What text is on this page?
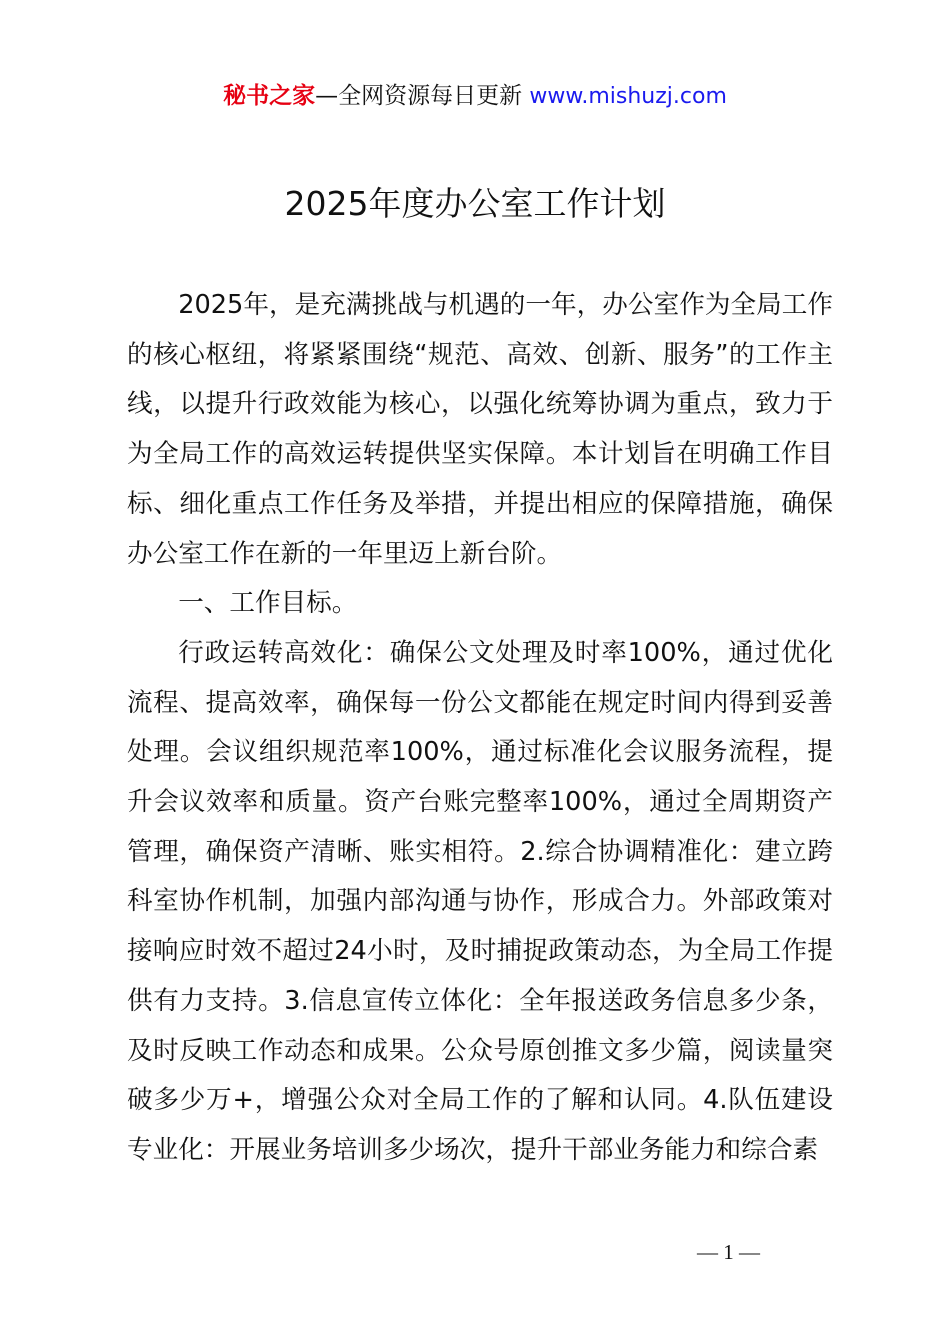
秘书之家—全网资源每日更新 www.mishuzj.com
2025年度办公室工作计划

2025年，是充满挑战与机遇的一年，办公室作为全局工作的核心枢纽，将紧紧围绕“规范、高效、创新、服务”的工作主线，以提升行政效能为核心，以强化统筹协调为重点，致力于为全局工作的高效运转提供坚实保障。本计划旨在明确工作目标、细化重点工作任务及举措，并提出相应的保障措施，确保办公室工作在新的一年里迈上新台阶。

一、工作目标。

行政运转高效化：确保公文处理及时率100%，通过优化流程、提高效率，确保每一份公文都能在规定时间内得到妥善处理。会议组织规范率100%，通过标准化会议服务流程，提升会议效率和质量。资产台账完整率100%，通过全周期资产管理，确保资产清晰、账实相符。2.综合协调精准化：建立跨科室协作机制，加强内部沟通与协作，形成合力。外部政策对接响应时效不超过24小时，及时捕捉政策动态，为全局工作提供有力支持。3.信息宣传立体化：全年报送政务信息多少条，及时反映工作动态和成果。公众号原创推文多少篇，阅读量突破多少万+，增强公众对全局工作的了解和认同。4.队伍建设专业化：开展业务培训多少场次，提升干部业务能力和综合素

— 1 —
